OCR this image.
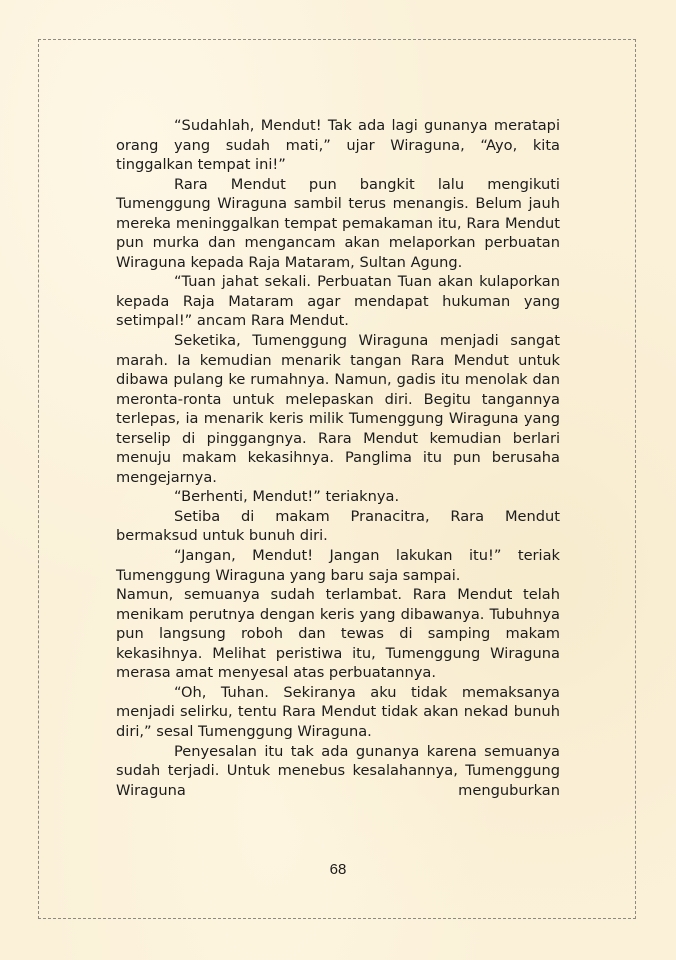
“Sudahlah, Mendut! Tak ada lagi gunanya meratapi orang yang sudah mati,” ujar Wiraguna, “Ayo, kita tinggalkan tempat ini!”

Rara Mendut pun bangkit lalu mengikuti Tumenggung Wiraguna sambil terus menangis. Belum jauh mereka meninggalkan tempat pemakaman itu, Rara Mendut pun murka dan mengancam akan melaporkan perbuatan Wiraguna kepada Raja Mataram, Sultan Agung.

“Tuan jahat sekali. Perbuatan Tuan akan kulaporkan kepada Raja Mataram agar mendapat hukuman yang setimpal!” ancam Rara Mendut.

Seketika, Tumenggung Wiraguna menjadi sangat marah. Ia kemudian menarik tangan Rara Mendut untuk dibawa pulang ke rumahnya. Namun, gadis itu menolak dan meronta-ronta untuk melepaskan diri. Begitu tangannya terlepas, ia menarik keris milik Tumenggung Wiraguna yang terselip di pinggangnya. Rara Mendut kemudian berlari menuju makam kekasihnya. Panglima itu pun berusaha mengejarnya.

“Berhenti, Mendut!” teriaknya.

Setiba di makam Pranacitra, Rara Mendut bermaksud untuk bunuh diri.

“Jangan, Mendut! Jangan lakukan itu!” teriak Tumenggung Wiraguna yang baru saja sampai.

Namun, semuanya sudah terlambat. Rara Mendut telah menikam perutnya dengan keris yang dibawanya. Tubuhnya pun langsung roboh dan tewas di samping makam kekasihnya. Melihat peristiwa itu, Tumenggung Wiraguna merasa amat menyesal atas perbuatannya.

“Oh, Tuhan. Sekiranya aku tidak memaksanya menjadi selirku, tentu Rara Mendut tidak akan nekad bunuh diri,” sesal Tumenggung Wiraguna.

Penyesalan itu tak ada gunanya karena semuanya sudah terjadi. Untuk menebus kesalahannya, Tumenggung Wiraguna menguburkan

68
